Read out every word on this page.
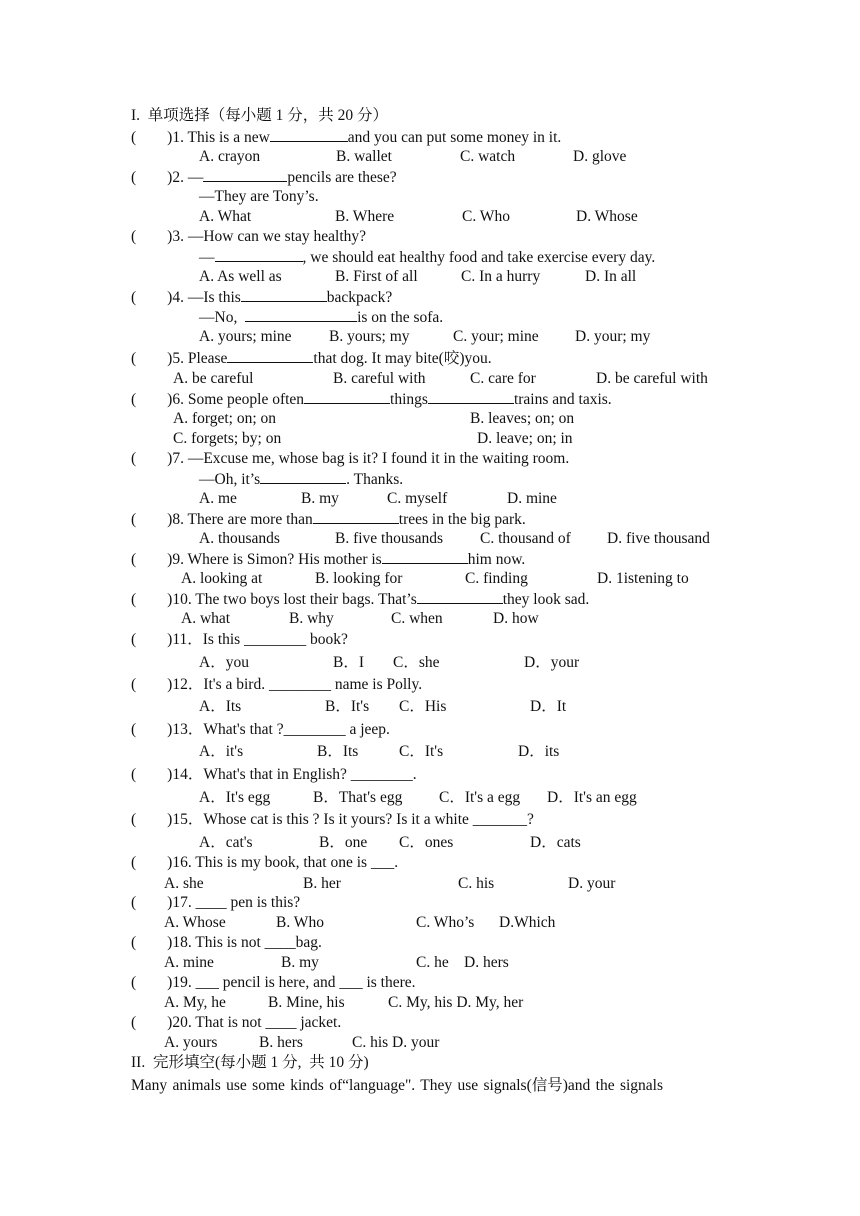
I.  单项选择（每小题 1 分，共 20 分）
(        )1. This is a new	and you can put some money in it.
A. crayon	B. wallet	C. watch	D. glove
(        )2. —	pencils are these?
—They are Tony’s.
A. What	B. Where	C. Who	D. Whose
(        )3. —How can we stay healthy?
—	, we should eat healthy food and take exercise every day.
A. As well as	B. First of all	C. In a hurry	D. In all
(        )4. —Is this	backpack?
—No,	is on the sofa.
A. yours; mine B. yours; my	C. your; mine D. your; my
(        )5. Please	that dog. It may bite(咬)you.
A. be careful	B. careful with	C. care for	D. be careful with
(        )6. Some people often	things	trains and taxis.
A. forget; on; on	B. leaves; on; on
C. forgets; by; on	D. leave; on; in
(        )7. —Excuse me, whose bag is it? I found it in the waiting room.
—Oh, it’s	. Thanks.
A. me	B. my	C. myself	D. mine
(        )8. There are more than	trees in the big park.
A. thousands	B. five thousands C. thousand of D. five thousand
(        )9. Where is Simon? His mother is	him now.
A. looking at	B. looking for	C. finding	D. 1istening to
(        )10. The two boys lost their bags. That’s	they look sad.
A. what	B. why	C. when	D. how
(        )11．Is this ________ book?
A．you	B．I C．she	D．your
(        )12．It's a bird. ________ name is Polly.
A．Its	B．It's C．His	D．It
(        )13．What's that ?________ a jeep.
A．it's	B．Its	C．It's	D．its
(        )14．What's that in English? ________.
A．It's egg	B．That's egg C．It's a egg D．It's an egg
(        )15．Whose cat is this ? Is it yours? Is it a white _______?
A．cat's	B．one C．ones	D．cats
(        )16. This is my book, that one is ___.
A. she	B. her	C. his	D. your
(        )17. ____ pen is this?
A. Whose	B. Who	C. Who’s D.Which
(        )18. This is not ____bag.
A. mine	B. my	C. he D. hers
(        )19. ___ pencil is here, and ___ is there.
A. My, he	B. Mine, his	C. My, his D. My, her
(        )20. That is not ____ jacket.
A. yours	B. hers	C. his D. your
II.  完形填空(每小题 1 分,  共 10 分)
Many animals use some kinds of“language". They use signals(信号)and the signals
